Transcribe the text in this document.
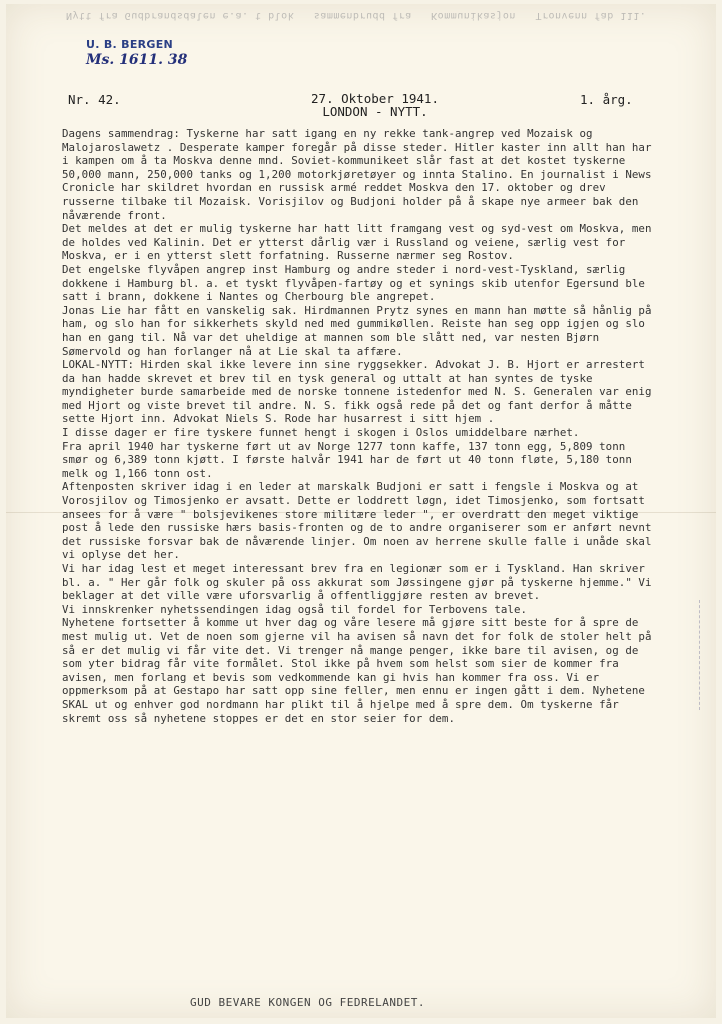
Nytt fra Gudbrandsdalen e.a. t blok   sammenbrudd fra   Kommunikasjon   Tronvenn fab 111.
U. B. BERGEN
Ms. 1611. 38
Nr. 42.	27. Oktober 1941.
LONDON - NYTT.
1. årg.

Dagens sammendrag: Tyskerne har satt igang en ny rekke tank-angrep ved Mozaisk og Malojaroslawetz . Desperate kamper foregår på disse steder. Hitler kaster inn allt han har i kampen om å ta Moskva denne mnd. Soviet-kommunikeet slår fast at det kostet tyskerne 50,000 mann, 250,000 tanks og 1,200 motorkjøretøyer og innta Stalino. En journalist i News Cronicle har skildret hvordan en russisk armé reddet Moskva den 17. oktober og drev russerne tilbake til Mozaisk. Vorisjilov og Budjoni holder på å skape nye armeer bak den nåværende front.

Det meldes at det er mulig tyskerne har hatt litt framgang vest og syd-vest om Moskva, men de holdes ved Kalinin. Det er ytterst dårlig vær i Russland og veiene, særlig vest for Moskva, er i en ytterst slett forfatning. Russerne nærmer seg Rostov.

Det engelske flyvåpen angrep inst Hamburg og andre steder i nord-vest-Tyskland, særlig dokkene i Hamburg bl. a. et tyskt flyvåpen-fartøy og et synings skib utenfor Egersund ble satt i brann, dokkene i Nantes og Cherbourg ble angrepet.

Jonas Lie har fått en vanskelig sak. Hirdmannen Prytz synes en mann han møtte så hånlig på ham, og slo han for sikkerhets skyld ned med gummikøllen. Reiste han seg opp igjen og slo han en gang til. Nå var det uheldige at mannen som ble slått ned, var nesten Bjørn Sømervold og han forlanger nå at Lie skal ta affære.

LOKAL-NYTT: Hirden skal ikke levere inn sine ryggsekker. Advokat J. B. Hjort er arrestert da han hadde skrevet et brev til en tysk general og uttalt at han syntes de tyske myndigheter burde samarbeide med de norske tonnene istedenfor med N. S. Generalen var enig med Hjort og viste brevet til andre. N. S. fikk også rede på det og fant derfor å måtte sette Hjort inn. Advokat Niels S. Rode har husarrest i sitt hjem .

I disse dager er fire tyskere funnet hengt i skogen i Oslos umiddelbare nærhet.

Fra april 1940 har tyskerne ført ut av Norge 1277 tonn kaffe, 137 tonn egg, 5,809 tonn smør og 6,389 tonn kjøtt. I første halvår 1941 har de ført ut 40 tonn fløte, 5,180 tonn melk og 1,166 tonn ost.

Aftenposten skriver idag i en leder at marskalk Budjoni er satt i fengsle i Moskva og at Vorosjilov og Timosjenko er avsatt. Dette er loddrett løgn, idet Timosjenko, som fortsatt ansees for å være " bolsjevikenes store militære leder ", er overdratt den meget viktige post å lede den russiske hærs basis-fronten og de to andre organiserer som er anført nevnt det russiske forsvar bak de nåværende linjer. Om noen av herrene skulle falle i unåde skal vi oplyse det her.

Vi har idag lest et meget interessant brev fra en legionær som er i Tyskland. Han skriver bl. a. " Her går folk og skuler på oss akkurat som Jøssingene gjør på tyskerne hjemme." Vi beklager at det ville være uforsvarlig å offentliggjøre resten av brevet.

Vi innskrenker nyhetssendingen idag også til fordel for Terbovens tale.

Nyhetene fortsetter å komme ut hver dag og våre lesere må gjøre sitt beste for å spre de mest mulig ut. Vet de noen som gjerne vil ha avisen så navn det for folk de stoler helt på så er det mulig vi får vite det. Vi trenger nå mange penger, ikke bare til avisen, og de som yter bidrag får vite formålet. Stol ikke på hvem som helst som sier de kommer fra avisen, men forlang et bevis som vedkommende kan gi hvis han kommer fra oss. Vi er oppmerksom på at Gestapo har satt opp sine feller, men ennu er ingen gått i dem. Nyhetene SKAL ut og enhver god nordmann har plikt til å hjelpe med å spre dem. Om tyskerne får skremt oss så nyhetene stoppes er det en stor seier for dem.

GUD BEVARE KONGEN OG FEDRELANDET.
